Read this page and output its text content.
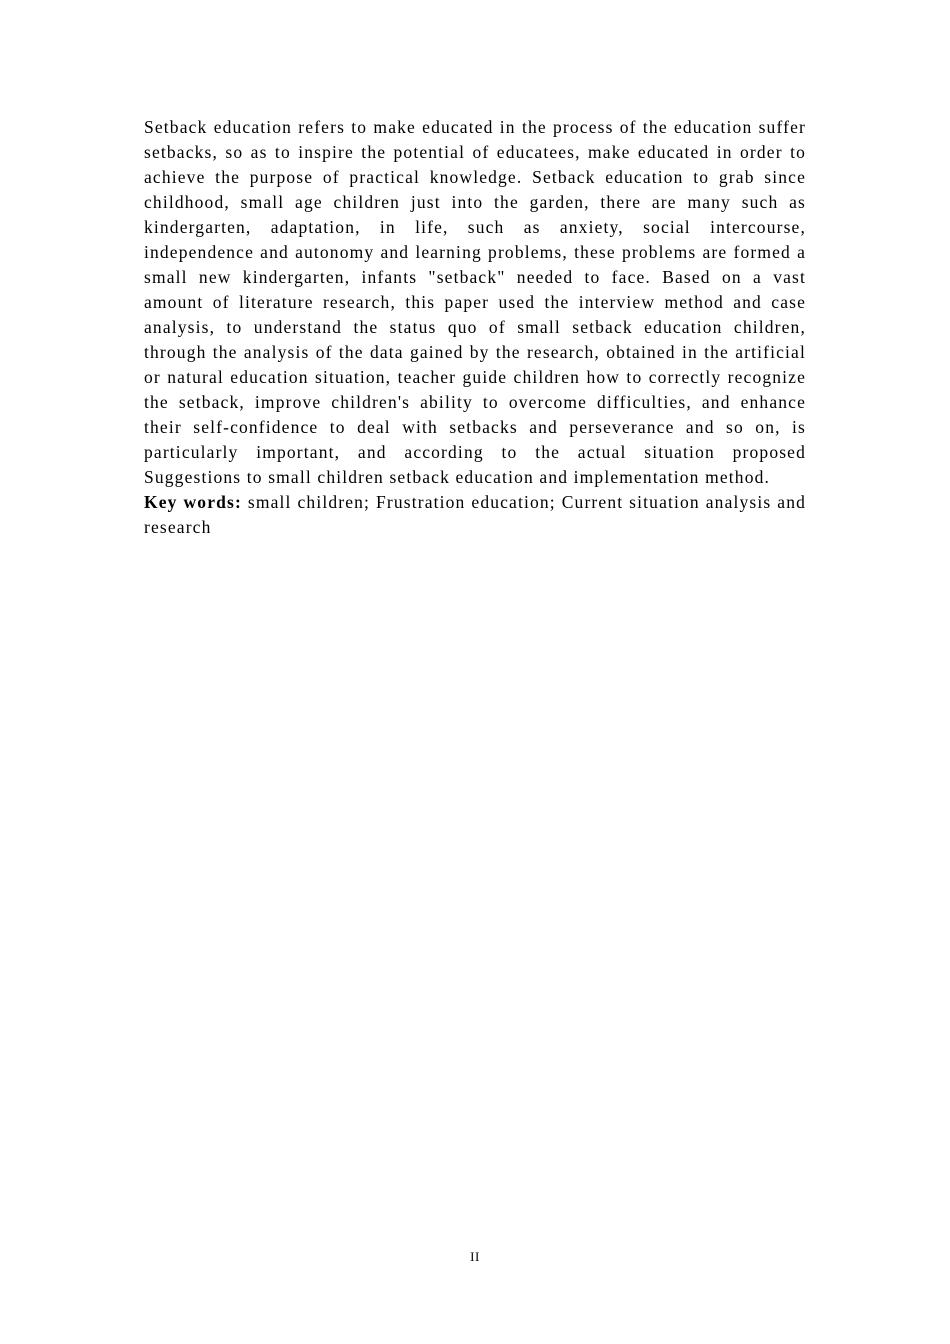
Setback education refers to make educated in the process of the education suffer setbacks, so as to inspire the potential of educatees, make educated in order to achieve the purpose of practical knowledge. Setback education to grab since childhood, small age children just into the garden, there are many such as kindergarten, adaptation, in life, such as anxiety, social intercourse, independence and autonomy and learning problems, these problems are formed a small new kindergarten, infants "setback" needed to face. Based on a vast amount of literature research, this paper used the interview method and case analysis, to understand the status quo of small setback education children, through the analysis of the data gained by the research, obtained in the artificial or natural education situation, teacher guide children how to correctly recognize the setback, improve children's ability to overcome difficulties, and enhance their self-confidence to deal with setbacks and perseverance and so on, is particularly important, and according to the actual situation proposed Suggestions to small children setback education and implementation method.

Key words: small children; Frustration education; Current situation analysis and research

II
